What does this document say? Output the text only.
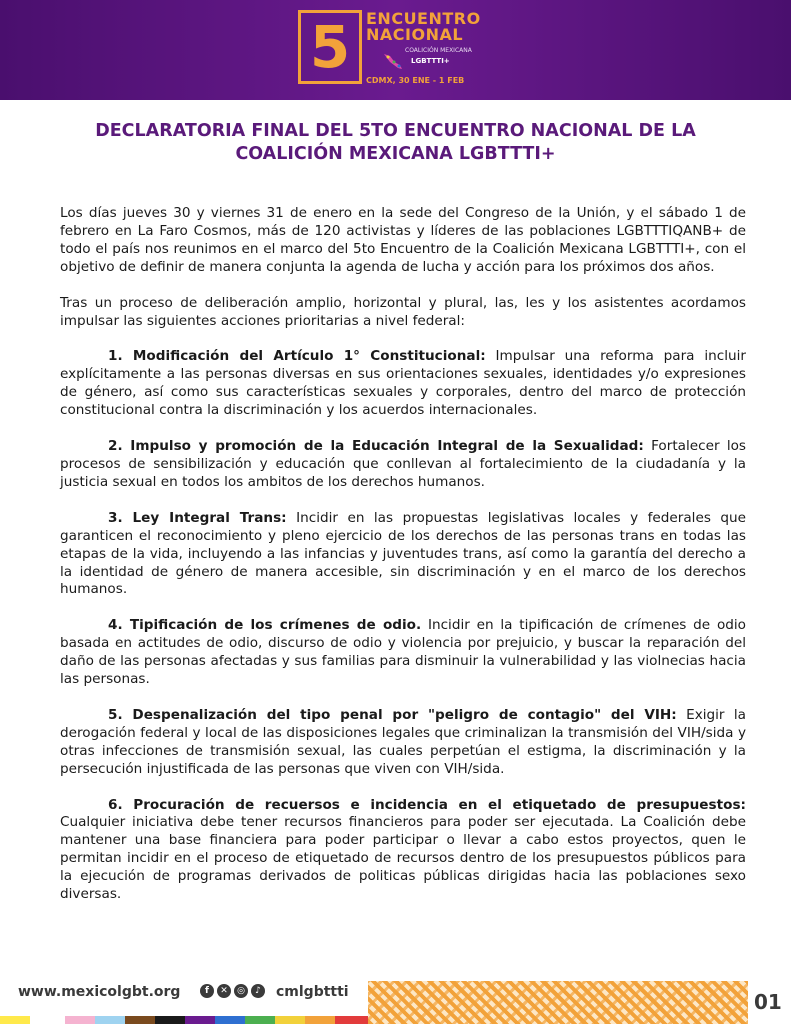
5 ENCUENTRO
NACIONAL
COALICIÓN MEXICANA
LGBTTTI+
CDMX, 30 ENE - 1 FEB
DECLARATORIA FINAL DEL 5TO ENCUENTRO NACIONAL DE LA COALICIÓN MEXICANA LGBTTTI+

Los días jueves 30 y viernes 31 de enero en la sede del Congreso de la Unión, y el sábado 1 de febrero en La Faro Cosmos, más de 120 activistas y líderes de las poblaciones LGBTTTIQANB+ de todo el país nos reunimos en el marco del 5to Encuentro de la Coalición Mexicana LGBTTTI+, con el objetivo de definir de manera conjunta la agenda de lucha y acción para los próximos dos años.

Tras un proceso de deliberación amplio, horizontal y plural, las, les y los asistentes acordamos impulsar las siguientes acciones prioritarias a nivel federal:

1. Modificación del Artículo 1° Constitucional: Impulsar una reforma para incluir explícitamente a las personas diversas en sus orientaciones sexuales, identidades y/o expresiones de género, así como sus características sexuales y corporales, dentro del marco de protección constitucional contra la discriminación y los acuerdos internacionales.

2. Impulso y promoción de la Educación Integral de la Sexualidad: Fortalecer los procesos de sensibilización y educación que conllevan al fortalecimiento de la ciudadanía y la justicia sexual en todos los ambitos de los derechos humanos.

3. Ley Integral Trans: Incidir en las propuestas legislativas locales y federales que garanticen el reconocimiento y pleno ejercicio de los derechos de las personas trans en todas las etapas de la vida, incluyendo a las infancias y juventudes trans, así como la garantía del derecho a la identidad de género de manera accesible, sin discriminación y en el marco de los derechos humanos.

4. Tipificación de los crímenes de odio. Incidir en la tipificación de crímenes de odio basada en actitudes de odio, discurso de odio y violencia por prejuicio, y buscar la reparación del daño de las personas afectadas y sus familias para disminuir la vulnerabilidad y las violnecias hacia las personas.

5. Despenalización del tipo penal por "peligro de contagio" del VIH: Exigir la derogación federal y local de las disposiciones legales que criminalizan la transmisión del VIH/sida y otras infecciones de transmisión sexual, las cuales perpetúan el estigma, la discriminación y la persecución injustificada de las personas que viven con VIH/sida.

6. Procuración de recuersos e incidencia en el etiquetado de presupuestos: Cualquier iniciativa debe tener recursos financieros para poder ser ejecutada. La Coalición debe mantener una base financiera para poder participar o llevar a cabo estos proyectos, quen le permitan incidir en el proceso de etiquetado de recursos dentro de los presupuestos públicos para la ejecución de programas derivados de politicas públicas dirigidas hacia las poblaciones sexo diversas.

www.mexicolgbt.org	f	✕	◎	♪ cmlgbttti	01
